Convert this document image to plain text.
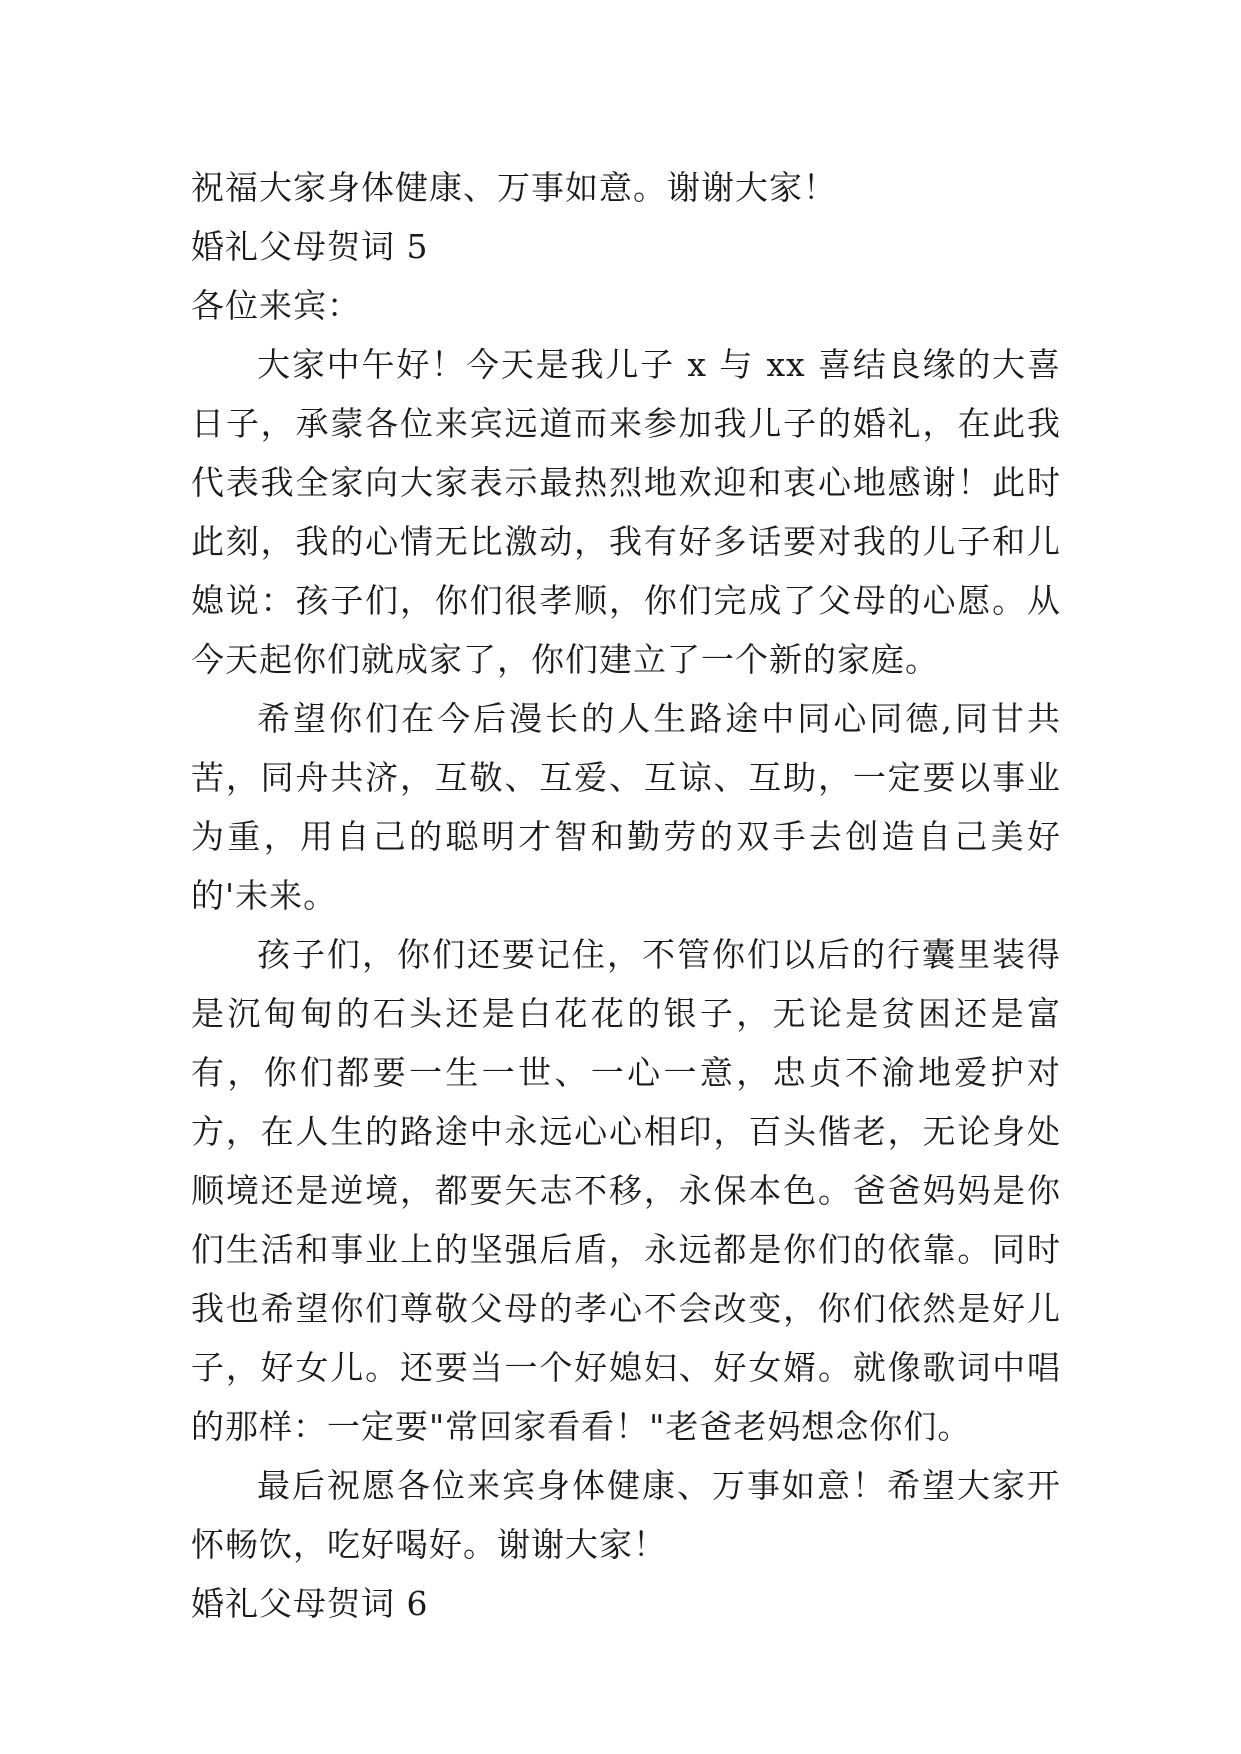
祝福大家身体健康、万事如意。谢谢大家！

婚礼父母贺词 5

各位来宾：

大家中午好！今天是我儿子 x 与 xx 喜结良缘的大喜日子，承蒙各位来宾远道而来参加我儿子的婚礼，在此我代表我全家向大家表示最热烈地欢迎和衷心地感谢！此时此刻，我的心情无比激动，我有好多话要对我的儿子和儿媳说：孩子们，你们很孝顺，你们完成了父母的心愿。从今天起你们就成家了，你们建立了一个新的家庭。

希望你们在今后漫长的人生路途中同心同德,同甘共苦，同舟共济，互敬、互爱、互谅、互助，一定要以事业为重，用自己的聪明才智和勤劳的双手去创造自己美好的'未来。

孩子们，你们还要记住，不管你们以后的行囊里装得是沉甸甸的石头还是白花花的银子，无论是贫困还是富有，你们都要一生一世、一心一意，忠贞不渝地爱护对方，在人生的路途中永远心心相印，百头偕老，无论身处顺境还是逆境，都要矢志不移，永保本色。爸爸妈妈是你们生活和事业上的坚强后盾，永远都是你们的依靠。同时我也希望你们尊敬父母的孝心不会改变，你们依然是好儿子，好女儿。还要当一个好媳妇、好女婿。就像歌词中唱的那样：一定要"常回家看看！"老爸老妈想念你们。

最后祝愿各位来宾身体健康、万事如意！希望大家开怀畅饮，吃好喝好。谢谢大家！

婚礼父母贺词 6
